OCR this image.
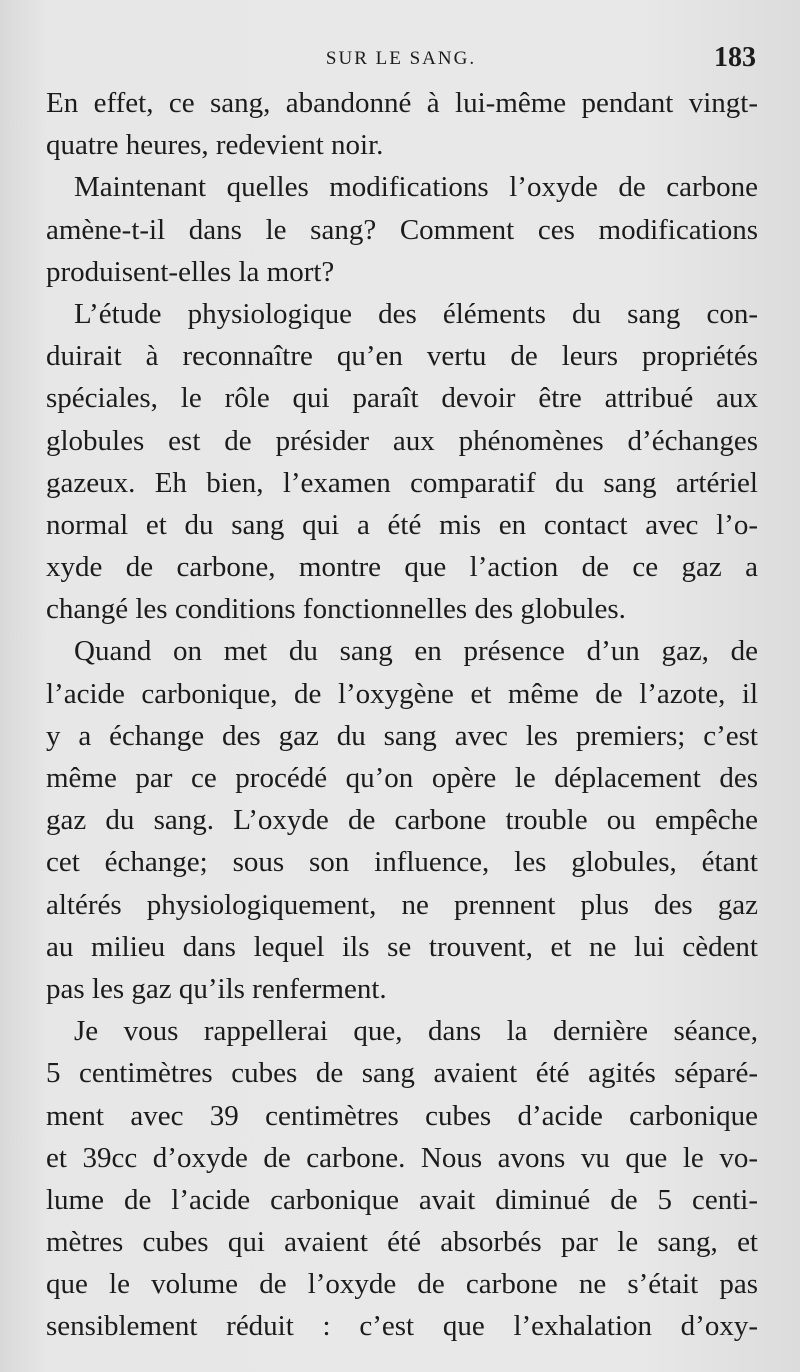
SUR LE SANG.	183
En effet, ce sang, abandonné à lui-même pendant vingt-
quatre heures, redevient noir.
Maintenant quelles modifications l’oxyde de carbone
amène-t-il dans le sang? Comment ces modifications
produisent-elles la mort?
L’étude physiologique des éléments du sang con-
duirait à reconnaître qu’en vertu de leurs propriétés
spéciales, le rôle qui paraît devoir être attribué aux
globules est de présider aux phénomènes d’échanges
gazeux. Eh bien, l’examen comparatif du sang artériel
normal et du sang qui a été mis en contact avec l’o-
xyde de carbone, montre que l’action de ce gaz a
changé les conditions fonctionnelles des globules.
Quand on met du sang en présence d’un gaz, de
l’acide carbonique, de l’oxygène et même de l’azote, il
y a échange des gaz du sang avec les premiers; c’est
même par ce procédé qu’on opère le déplacement des
gaz du sang. L’oxyde de carbone trouble ou empêche
cet échange; sous son influence, les globules, étant
altérés physiologiquement, ne prennent plus des gaz
au milieu dans lequel ils se trouvent, et ne lui cèdent
pas les gaz qu’ils renferment.
Je vous rappellerai que, dans la dernière séance,
5 centimètres cubes de sang avaient été agités séparé-
ment avec 39 centimètres cubes d’acide carbonique
et 39cc d’oxyde de carbone. Nous avons vu que le vo-
lume de l’acide carbonique avait diminué de 5 centi-
mètres cubes qui avaient été absorbés par le sang, et
que le volume de l’oxyde de carbone ne s’était pas
sensiblement réduit : c’est que l’exhalation d’oxy-
